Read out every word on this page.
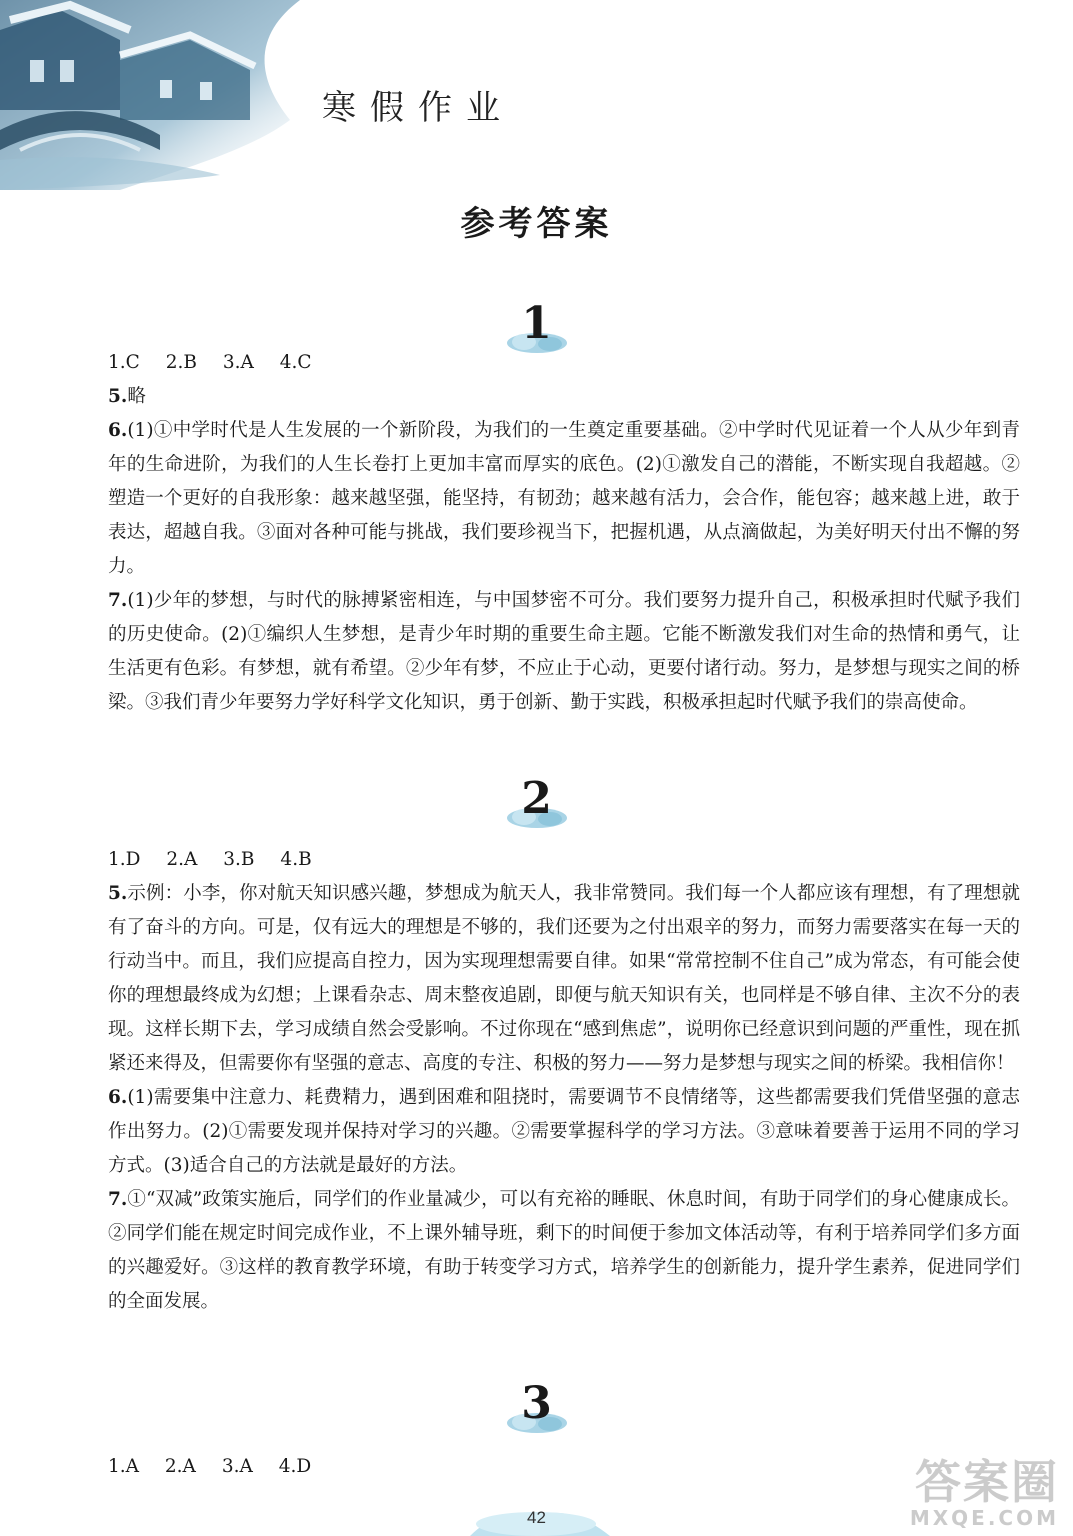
寒假作业
参考答案
1

1.C 2.B 3.A 4.C

5.略

6.(1)①中学时代是人生发展的一个新阶段，为我们的一生奠定重要基础。②中学时代见证着一个人从少年到青年的生命进阶，为我们的人生长卷打上更加丰富而厚实的底色。(2)①激发自己的潜能，不断实现自我超越。②塑造一个更好的自我形象：越来越坚强，能坚持，有韧劲；越来越有活力，会合作，能包容；越来越上进，敢于表达，超越自我。③面对各种可能与挑战，我们要珍视当下，把握机遇，从点滴做起，为美好明天付出不懈的努力。

7.(1)少年的梦想，与时代的脉搏紧密相连，与中国梦密不可分。我们要努力提升自己，积极承担时代赋予我们的历史使命。(2)①编织人生梦想，是青少年时期的重要生命主题。它能不断激发我们对生命的热情和勇气，让生活更有色彩。有梦想，就有希望。②少年有梦，不应止于心动，更要付诸行动。努力，是梦想与现实之间的桥梁。③我们青少年要努力学好科学文化知识，勇于创新、勤于实践，积极承担起时代赋予我们的崇高使命。

2

1.D 2.A 3.B 4.B

5.示例：小李，你对航天知识感兴趣，梦想成为航天人，我非常赞同。我们每一个人都应该有理想，有了理想就有了奋斗的方向。可是，仅有远大的理想是不够的，我们还要为之付出艰辛的努力，而努力需要落实在每一天的行动当中。而且，我们应提高自控力，因为实现理想需要自律。如果“常常控制不住自己”成为常态，有可能会使你的理想最终成为幻想；上课看杂志、周末整夜追剧，即便与航天知识有关，也同样是不够自律、主次不分的表现。这样长期下去，学习成绩自然会受影响。不过你现在“感到焦虑”，说明你已经意识到问题的严重性，现在抓紧还来得及，但需要你有坚强的意志、高度的专注、积极的努力——努力是梦想与现实之间的桥梁。我相信你！

6.(1)需要集中注意力、耗费精力，遇到困难和阻挠时，需要调节不良情绪等，这些都需要我们凭借坚强的意志作出努力。(2)①需要发现并保持对学习的兴趣。②需要掌握科学的学习方法。③意味着要善于运用不同的学习方式。(3)适合自己的方法就是最好的方法。

7.①“双减”政策实施后，同学们的作业量减少，可以有充裕的睡眠、休息时间，有助于同学们的身心健康成长。②同学们能在规定时间完成作业，不上课外辅导班，剩下的时间便于参加文体活动等，有利于培养同学们多方面的兴趣爱好。③这样的教育教学环境，有助于转变学习方式，培养学生的创新能力，提升学生素养，促进同学们的全面发展。

3

1.A 2.A 3.A 4.D

42
答案圈
MXQE.COM
